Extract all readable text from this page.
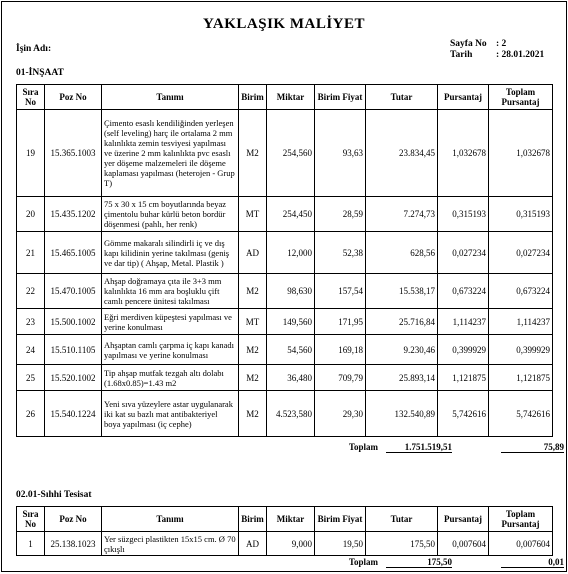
YAKLAŞIK MALİYET
İşin Adı:	Sayfa No : 2
Tarih : 28.01.2021
01-İNŞAAT
Sıra No	Poz No	Tanımı	Birim	Miktar	Birim Fiyat	Tutar	Pursantaj	Toplam Pursantaj
19	15.365.1003	Çimento esaslı kendiliğinden yerleşen (self leveling) harç ile ortalama 2 mm kalınlıkta zemin tesviyesi yapılması ve üzerine 2 mm kalınlıkta pvc esaslı yer döşeme malzemeleri ile döşeme kaplaması yapılması (heterojen - Grup T)	M2	254,560	93,63	23.834,45	1,032678	1,032678
20	15.435.1202	75 x 30 x 15 cm boyutlarında beyaz çimentolu buhar kürlü beton bordür döşenmesi (pahlı, her renk)	MT	254,450	28,59	7.274,73	0,315193	0,315193
21	15.465.1005	Gömme makaralı silindirli iç ve dış kapı kilidinin yerine takılması (geniş ve dar tip) ( Ahşap, Metal. Plastik )	AD	12,000	52,38	628,56	0,027234	0,027234
22	15.470.1005	Ahşap doğramaya çıta ile 3+3 mm kalınlıkta 16 mm ara boşluklu çift camlı pencere ünitesi takılması	M2	98,630	157,54	15.538,17	0,673224	0,673224
23	15.500.1002	Eğri merdiven küpeştesi yapılması ve yerine konulması	MT	149,560	171,95	25.716,84	1,114237	1,114237
24	15.510.1105	Ahşaptan camlı çarpma iç kapı kanadı yapılması ve yerine konulması	M2	54,560	169,18	9.230,46	0,399929	0,399929
25	15.520.1002	Tip ahşap mutfak tezgah altı dolabı (1.68x0.85)=1.43 m2	M2	36,480	709,79	25.893,14	1,121875	1,121875
26	15.540.1224	Yeni sıva yüzeylere astar uygulanarak iki kat su bazlı mat antibakteriyel boya yapılması (iç cephe)	M2	4.523,580	29,30	132.540,89	5,742616	5,742616
Toplam	1.751.519,51	75,89
02.01-Sıhhi Tesisat
Sıra No	Poz No	Tanımı	Birim	Miktar	Birim Fiyat	Tutar	Pursantaj	Toplam Pursantaj
1	25.138.1023	Yer süzgeci plastikten 15x15 cm. Ø 70 çıkışlı	AD	9,000	19,50	175,50	0,007604	0,007604
Toplam	175,50	0,01
